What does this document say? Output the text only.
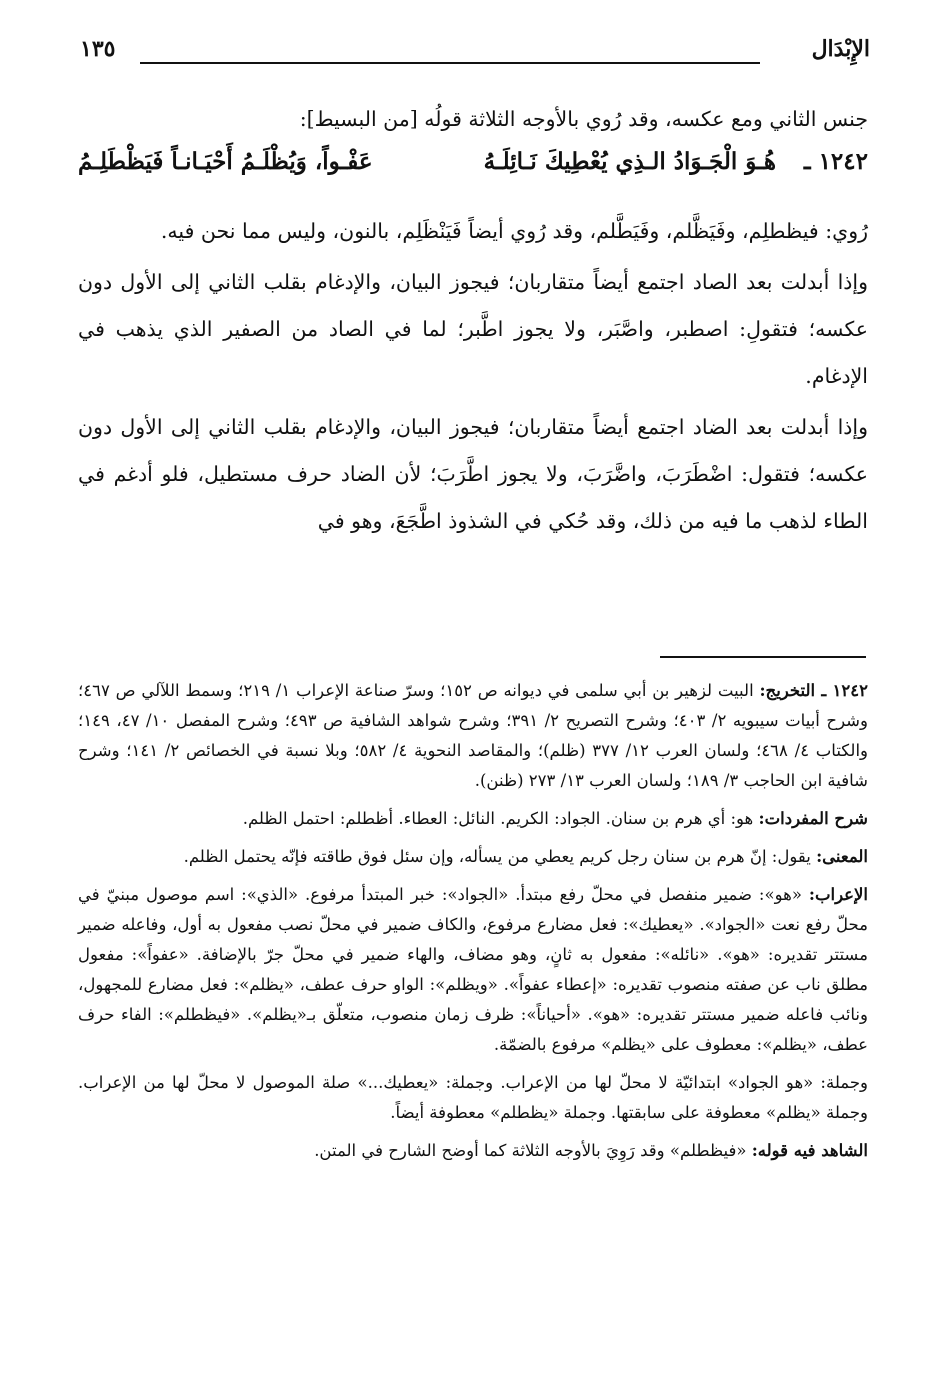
الإِبْدَال
١٣٥

جنس الثاني ومع عكسه، وقد رُوي بالأوجه الثلاثة قولُه [من البسيط]:

١٢٤٢ ـ
هُـوَ الْجَـوَادُ الـذِي يُعْطِيكَ نَـائِلَـهُ
عَفْـواً، وَيُظْلَـمُ أَحْيَـانـاً فَيَظْطَلِـمُ

رُوي: فيظطلِم، وفَيَظَّلم، وفَيَطَّلم، وقد رُوي أيضاً فَيَنْظَلِم، بالنون، وليس مما نحن فيه.

وإذا أبدلت بعد الصاد اجتمع أيضاً متقاربان؛ فيجوز البيان، والإدغام بقلب الثاني إلى الأول دون عكسه؛ فتقولِ: اصطبر، واصَّبَر، ولا يجوز اطَّبر؛ لما في الصاد من الصفير الذي يذهب في الإدغام.

وإذا أبدلت بعد الضاد اجتمع أيضاً متقاربان؛ فيجوز البيان، والإدغام بقلب الثاني إلى الأول دون عكسه؛ فتقول: اضْطَرَبَ، واضَّرَبَ، ولا يجوز اطَّرَبَ؛ لأن الضاد حرف مستطيل، فلو أدغم في الطاء لذهب ما فيه من ذلك، وقد حُكي في الشذوذ اطَّجَعَ، وهو في

١٢٤٢ ـ التخريج: البيت لزهير بن أبي سلمى في ديوانه ص ١٥٢؛ وسرّ صناعة الإعراب ١/ ٢١٩؛ وسمط اللآلي ص ٤٦٧؛ وشرح أبيات سيبويه ٢/ ٤٠٣؛ وشرح التصريح ٢/ ٣٩١؛ وشرح شواهد الشافية ص ٤٩٣؛ وشرح المفصل ١٠/ ٤٧، ١٤٩؛ والكتاب ٤/ ٤٦٨؛ ولسان العرب ١٢/ ٣٧٧ (ظلم)؛ والمقاصد النحوية ٤/ ٥٨٢؛ وبلا نسبة في الخصائص ٢/ ١٤١؛ وشرح شافية ابن الحاجب ٣/ ١٨٩؛ ولسان العرب ١٣/ ٢٧٣ (ظنن).

شرح المفردات: هو: أي هرم بن سنان. الجواد: الكريم. النائل: العطاء. أظطلم: احتمل الظلم.

المعنى: يقول: إنّ هرم بن سنان رجل كريم يعطي من يسأله، وإن سئل فوق طاقته فإنّه يحتمل الظلم.

الإعراب: «هو»: ضمير منفصل في محلّ رفع مبتدأ. «الجواد»: خبر المبتدأ مرفوع. «الذي»: اسم موصول مبنيّ في محلّ رفع نعت «الجواد». «يعطيك»: فعل مضارع مرفوع، والكاف ضمير في محلّ نصب مفعول به أول، وفاعله ضمير مستتر تقديره: «هو». «نائله»: مفعول به ثانٍ، وهو مضاف، والهاء ضمير في محلّ جرّ بالإضافة. «عفواً»: مفعول مطلق ناب عن صفته منصوب تقديره: «إعطاء عفواً». «ويظلم»: الواو حرف عطف، «يظلم»: فعل مضارع للمجهول، ونائب فاعله ضمير مستتر تقديره: «هو». «أحياناً»: ظرف زمان منصوب، متعلّق بـ«يظلم». «فيظطلم»: الفاء حرف عطف، «يظلم»: معطوف على «يظلم» مرفوع بالضمّة.

وجملة: «هو الجواد» ابتدائيّة لا محلّ لها من الإعراب. وجملة: «يعطيك...» صلة الموصول لا محلّ لها من الإعراب. وجملة «يظلم» معطوفة على سابقتها. وجملة «يظطلم» معطوفة أيضاً.

الشاهد فيه قوله: «فيظطلم» وقد رَوِيَ بالأوجه الثلاثة كما أوضح الشارح في المتن.
